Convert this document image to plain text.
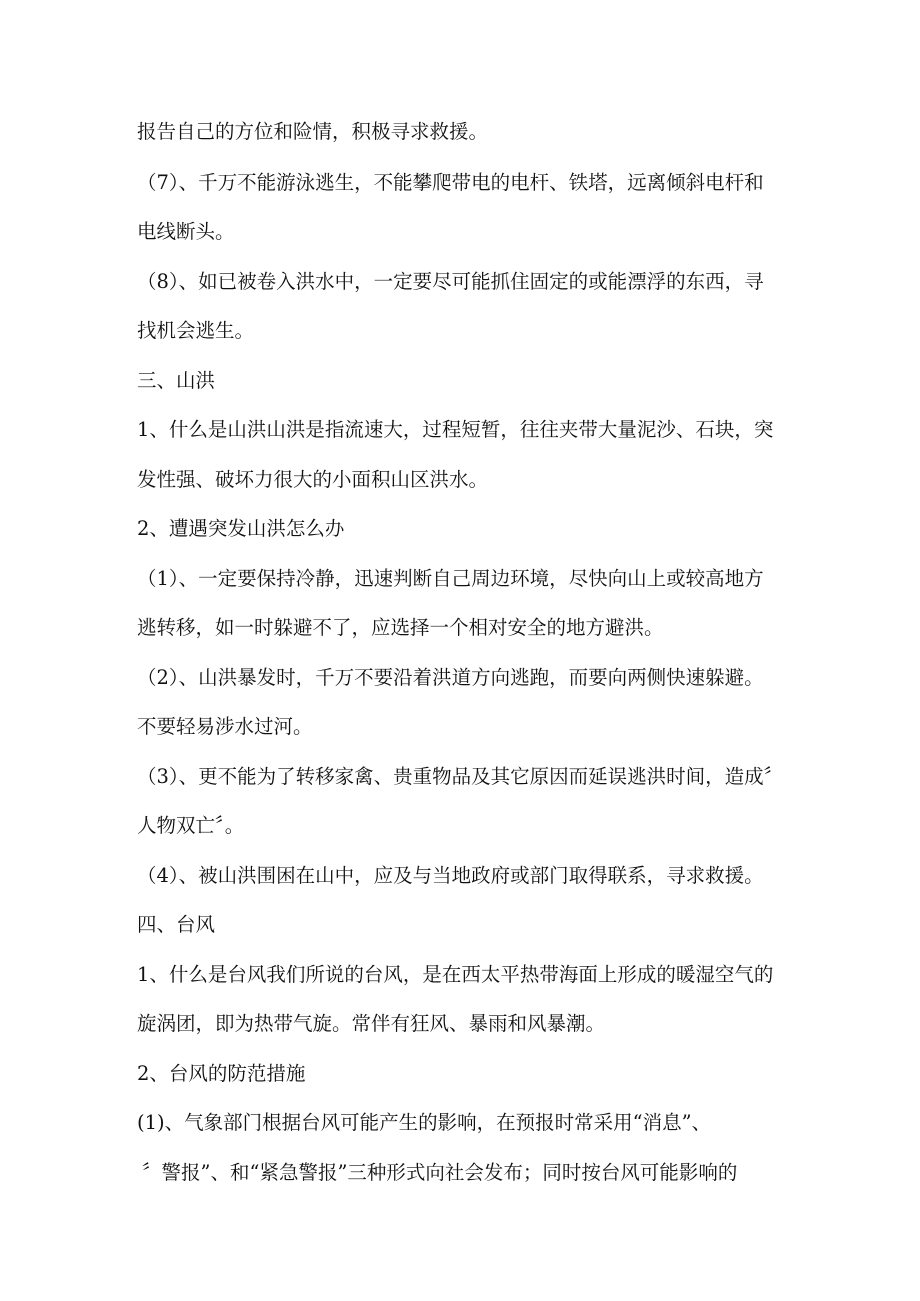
报告自己的方位和险情，积极寻求救援。
（7）、千万不能游泳逃生，不能攀爬带电的电杆、铁塔，远离倾斜电杆和
电线断头。
（8）、如已被卷入洪水中，一定要尽可能抓住固定的或能漂浮的东西，寻
找机会逃生。
三、山洪
1、什么是山洪山洪是指流速大，过程短暂，往往夹带大量泥沙、石块，突
发性强、破坏力很大的小面积山区洪水。
2、遭遇突发山洪怎么办
（1）、一定要保持冷静，迅速判断自己周边环境，尽快向山上或较高地方
逃转移，如一时躲避不了，应选择一个相对安全的地方避洪。
（2）、山洪暴发时，千万不要沿着洪道方向逃跑，而要向两侧快速躲避。
不要轻易涉水过河。
（3）、更不能为了转移家禽、贵重物品及其它原因而延误逃洪时间，造成〞
人物双亡〞。
（4）、被山洪围困在山中，应及与当地政府或部门取得联系，寻求救援。
四、台风
1、什么是台风我们所说的台风，是在西太平热带海面上形成的暖湿空气的
旋涡团，即为热带气旋。常伴有狂风、暴雨和风暴潮。
2、台风的防范措施
(1)、气象部门根据台风可能产生的影响，在预报时常采用“消息”、
〞警报”、和“紧急警报”三种形式向社会发布；同时按台风可能影响的
